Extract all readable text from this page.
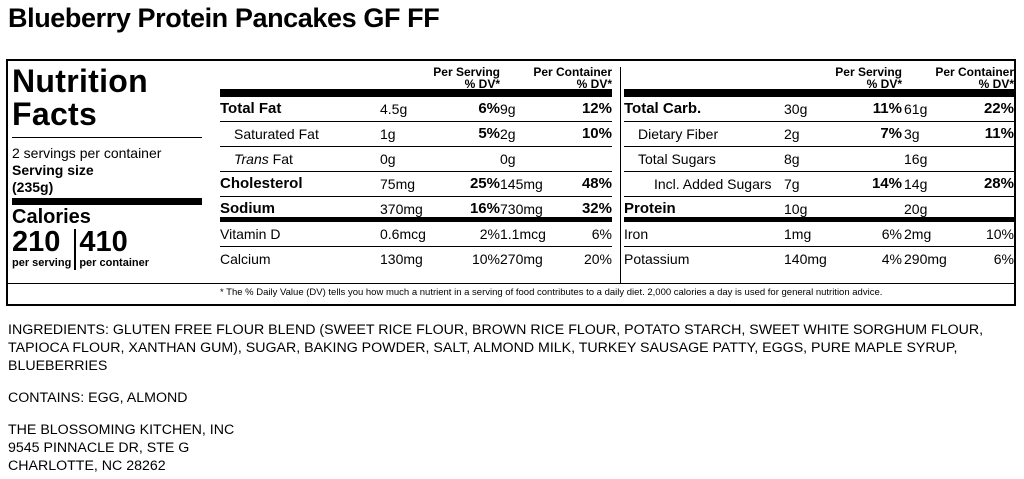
Blueberry Protein Pancakes GF FF
Nutrition
Facts
2 servings per container
Serving size
(235g)
Calories
210
per serving
410
per container
Per Serving
% DV*
Per Container
% DV*
Total Fat	4.5g	6% 9g	12%
Saturated Fat	1g	5% 2g	10%
Trans Fat	0g	0g
Cholesterol	75mg	25% 145mg	48%
Sodium	370mg	16% 730mg	32%
Vitamin D	0.6mcg	2% 1.1mcg	6%
Calcium	130mg	10% 270mg	20%
Per Serving
% DV*
Per Container
% DV*
Total Carb.	30g	11% 61g	22%
Dietary Fiber	2g	7% 3g	11%
Total Sugars	8g	16g
Incl. Added Sugars 7g	14% 14g	28%
Protein	10g	20g
Iron	1mg	6% 2mg	10%
Potassium	140mg	4% 290mg	6%
* The % Daily Value (DV) tells you how much a nutrient in a serving of food contributes to a daily diet. 2,000 calories a day is used for general nutrition advice.
INGREDIENTS: GLUTEN FREE FLOUR BLEND (SWEET RICE FLOUR, BROWN RICE FLOUR, POTATO STARCH, SWEET WHITE SORGHUM FLOUR, TAPIOCA FLOUR, XANTHAN GUM), SUGAR, BAKING POWDER, SALT, ALMOND MILK, TURKEY SAUSAGE PATTY, EGGS, PURE MAPLE SYRUP, BLUEBERRIES
CONTAINS: EGG, ALMOND
THE BLOSSOMING KITCHEN, INC
9545 PINNACLE DR, STE G
CHARLOTTE, NC 28262
